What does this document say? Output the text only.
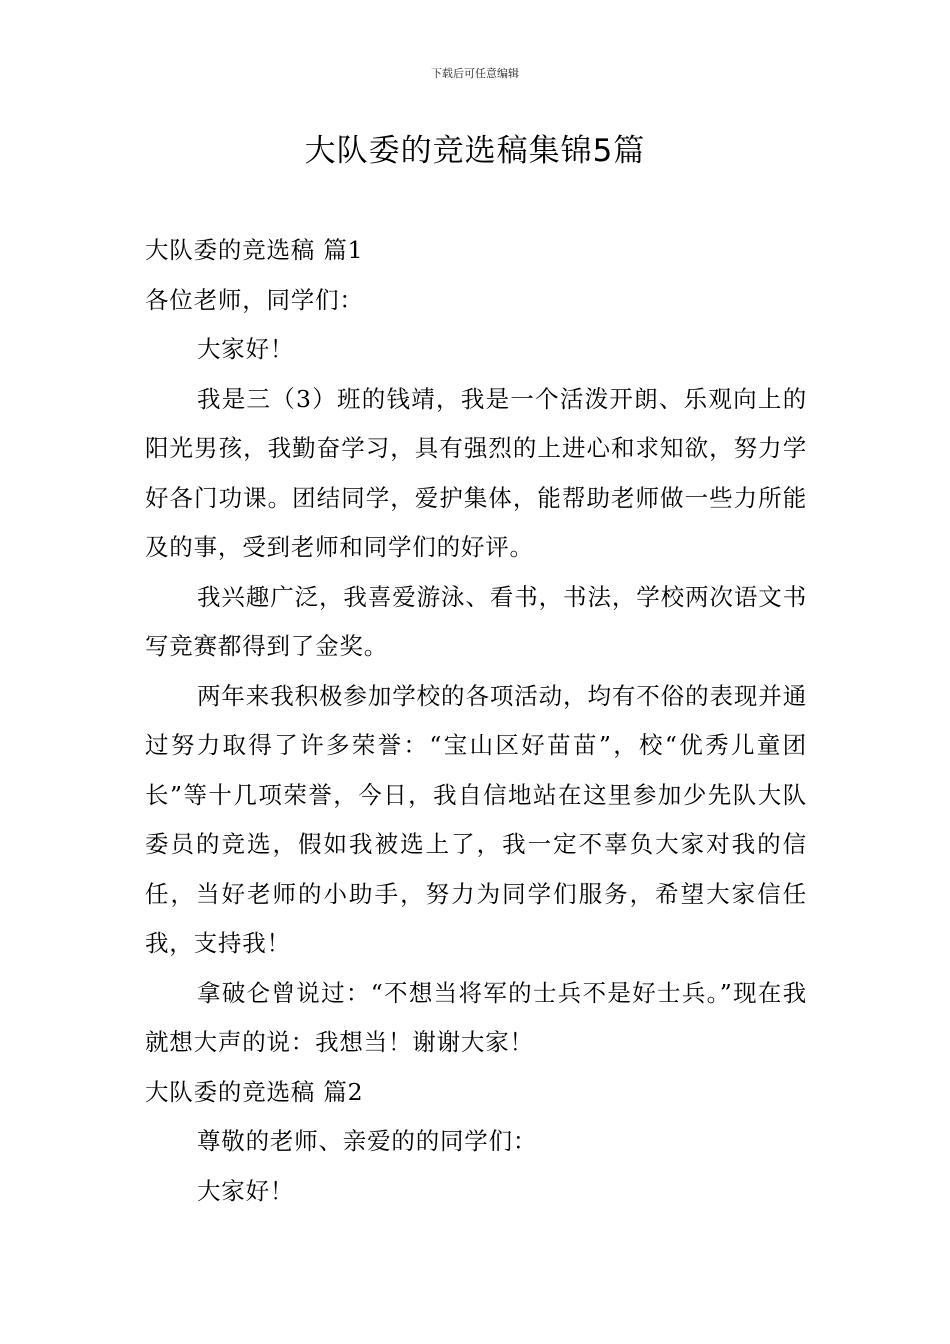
下载后可任意编辑
大队委的竞选稿集锦5篇
大队委的竞选稿 篇1
各位老师，同学们：
大家好！
我是三（3）班的钱靖，我是一个活泼开朗、乐观向上的阳光男孩，我勤奋学习，具有强烈的上进心和求知欲，努力学好各门功课。团结同学，爱护集体，能帮助老师做一些力所能及的事，受到老师和同学们的好评。
我兴趣广泛，我喜爱游泳、看书，书法，学校两次语文书写竞赛都得到了金奖。
两年来我积极参加学校的各项活动，均有不俗的表现并通过努力取得了许多荣誉：“宝山区好苗苗”，校“优秀儿童团长”等十几项荣誉，今日，我自信地站在这里参加少先队大队委员的竞选，假如我被选上了，我一定不辜负大家对我的信任，当好老师的小助手，努力为同学们服务，希望大家信任我，支持我！
拿破仑曾说过：“不想当将军的士兵不是好士兵。”现在我就想大声的说：我想当！谢谢大家！
大队委的竞选稿 篇2
尊敬的老师、亲爱的的同学们：
大家好！
